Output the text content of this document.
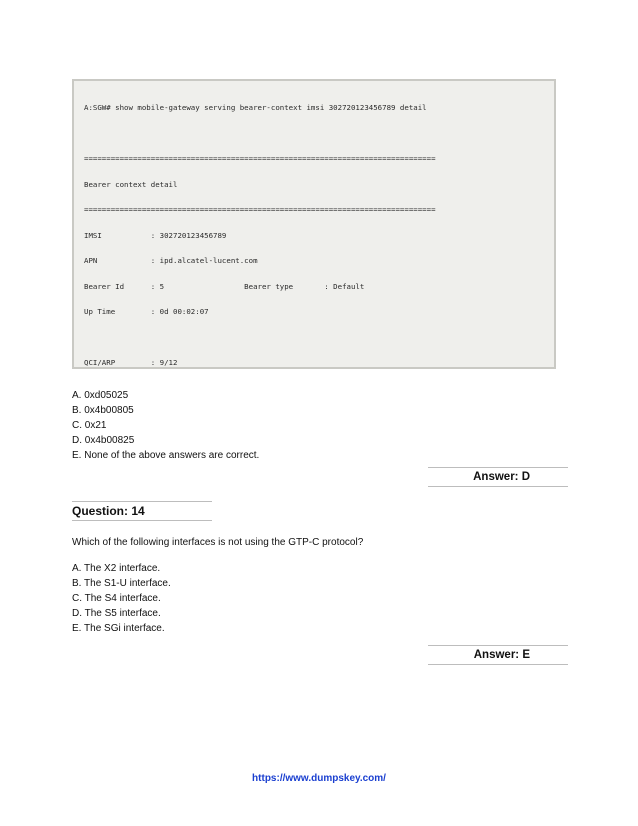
A:SGW# show mobile-gateway serving bearer-context imsi 302720123456789 detail

===============================================================================

Bearer context detail

===============================================================================

IMSI           : 302720123456789

APN            : ipd.alcatel-lucent.com

Bearer Id      : 5                  Bearer type       : Default

Up Time        : 0d 00:02:07

QCI/ARP        : 9/12

A. 0xd05025
B. 0x4b00805
C. 0x21
D. 0x4b00825
E. None of the above answers are correct.
Answer: D
Question: 14
Which of the following interfaces is not using the GTP-C protocol?
A. The X2 interface.
B. The S1-U interface.
C. The S4 interface.
D. The S5 interface.
E. The SGi interface.
Answer: E
https://www.dumpskey.com/
